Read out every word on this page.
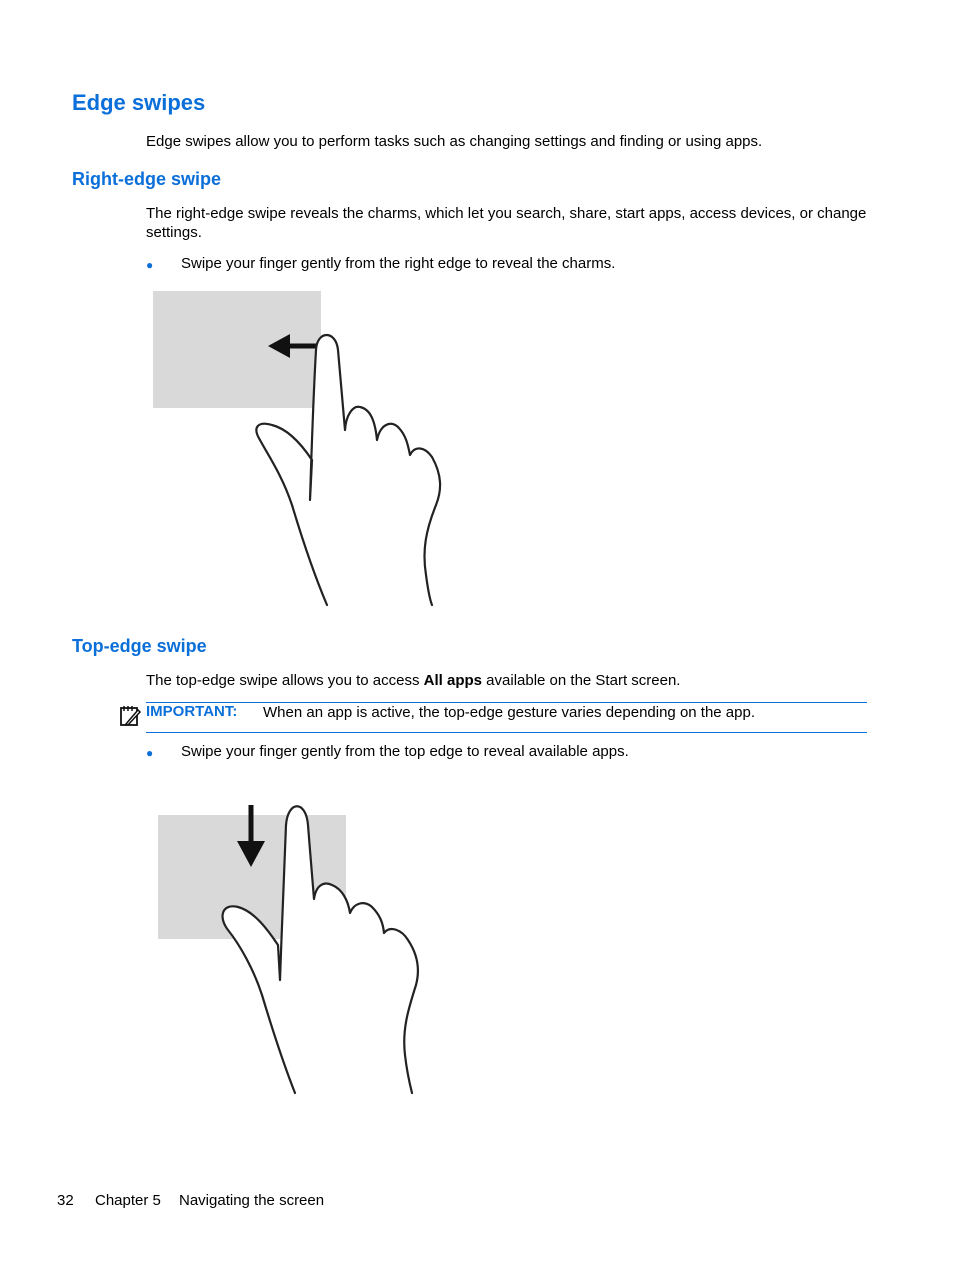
Edge swipes
Edge swipes allow you to perform tasks such as changing settings and finding or using apps.
Right-edge swipe
The right-edge swipe reveals the charms, which let you search, share, start apps, access devices, or change settings.
● Swipe your finger gently from the right edge to reveal the charms.
Top-edge swipe
The top-edge swipe allows you to access All apps available on the Start screen.
IMPORTANT: When an app is active, the top-edge gesture varies depending on the app.
● Swipe your finger gently from the top edge to reveal available apps.
32 Chapter 5 Navigating the screen
